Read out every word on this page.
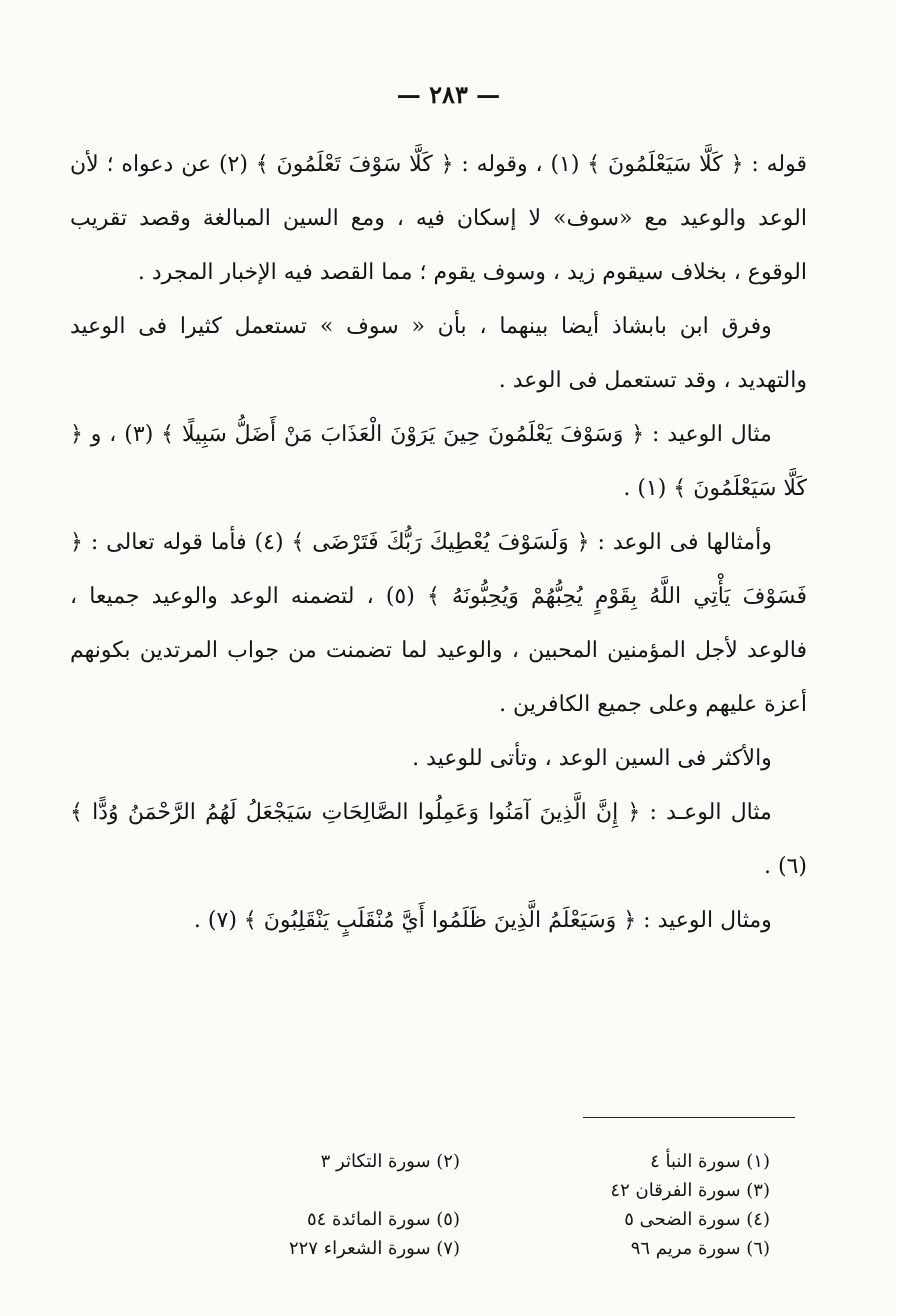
— ٢٨٣ —

قوله : ﴿ كَلَّا سَيَعْلَمُونَ ﴾ (١) ، وقوله : ﴿ كَلَّا سَوْفَ تَعْلَمُونَ ﴾ (٢) عن دعواه ؛ لأن الوعد والوعيد مع «سوف» لا إسكان فيه ، ومع السين المبالغة وقصد تقريب الوقوع ، بخلاف سيقوم زيد ، وسوف يقوم ؛ مما القصد فيه الإخبار المجرد .

وفرق ابن بابشاذ أيضا بينهما ، بأن « سوف » تستعمل كثيرا فى الوعيد والتهديد ، وقد تستعمل فى الوعد .

مثال الوعيد : ﴿ وَسَوْفَ يَعْلَمُونَ حِينَ يَرَوْنَ الْعَذَابَ مَنْ أَضَلُّ سَبِيلًا ﴾ (٣) ، و ﴿ كَلَّا سَيَعْلَمُونَ ﴾ (١) .

وأمثالها فى الوعد : ﴿ وَلَسَوْفَ يُعْطِيكَ رَبُّكَ فَتَرْضَى ﴾ (٤) فأما قوله تعالى : ﴿ فَسَوْفَ يَأْتِي اللَّهُ بِقَوْمٍ يُحِبُّهُمْ وَيُحِبُّونَهُ ﴾ (٥) ، لتضمنه الوعد والوعيد جميعا ، فالوعد لأجل المؤمنين المحبين ، والوعيد لما تضمنت من جواب المرتدين بكونهم أعزة عليهم وعلى جميع الكافرين .

والأكثر فى السين الوعد ، وتأتى للوعيد .

مثال الوعـد : ﴿ إِنَّ الَّذِينَ آمَنُوا وَعَمِلُوا الصَّالِحَاتِ سَيَجْعَلُ لَهُمُ الرَّحْمَنُ وُدًّا ﴾ (٦) .

ومثال الوعيد : ﴿ وَسَيَعْلَمُ الَّذِينَ ظَلَمُوا أَيَّ مُنْقَلَبٍ يَنْقَلِبُونَ ﴾ (٧) .

(١) سورة النبأ ٤
(٢) سورة التكاثر ٣
(٣) سورة الفرقان ٤٢
(٤) سورة الضحى ٥
(٥) سورة المائدة ٥٤
(٦) سورة مريم ٩٦
(٧) سورة الشعراء ٢٢٧
